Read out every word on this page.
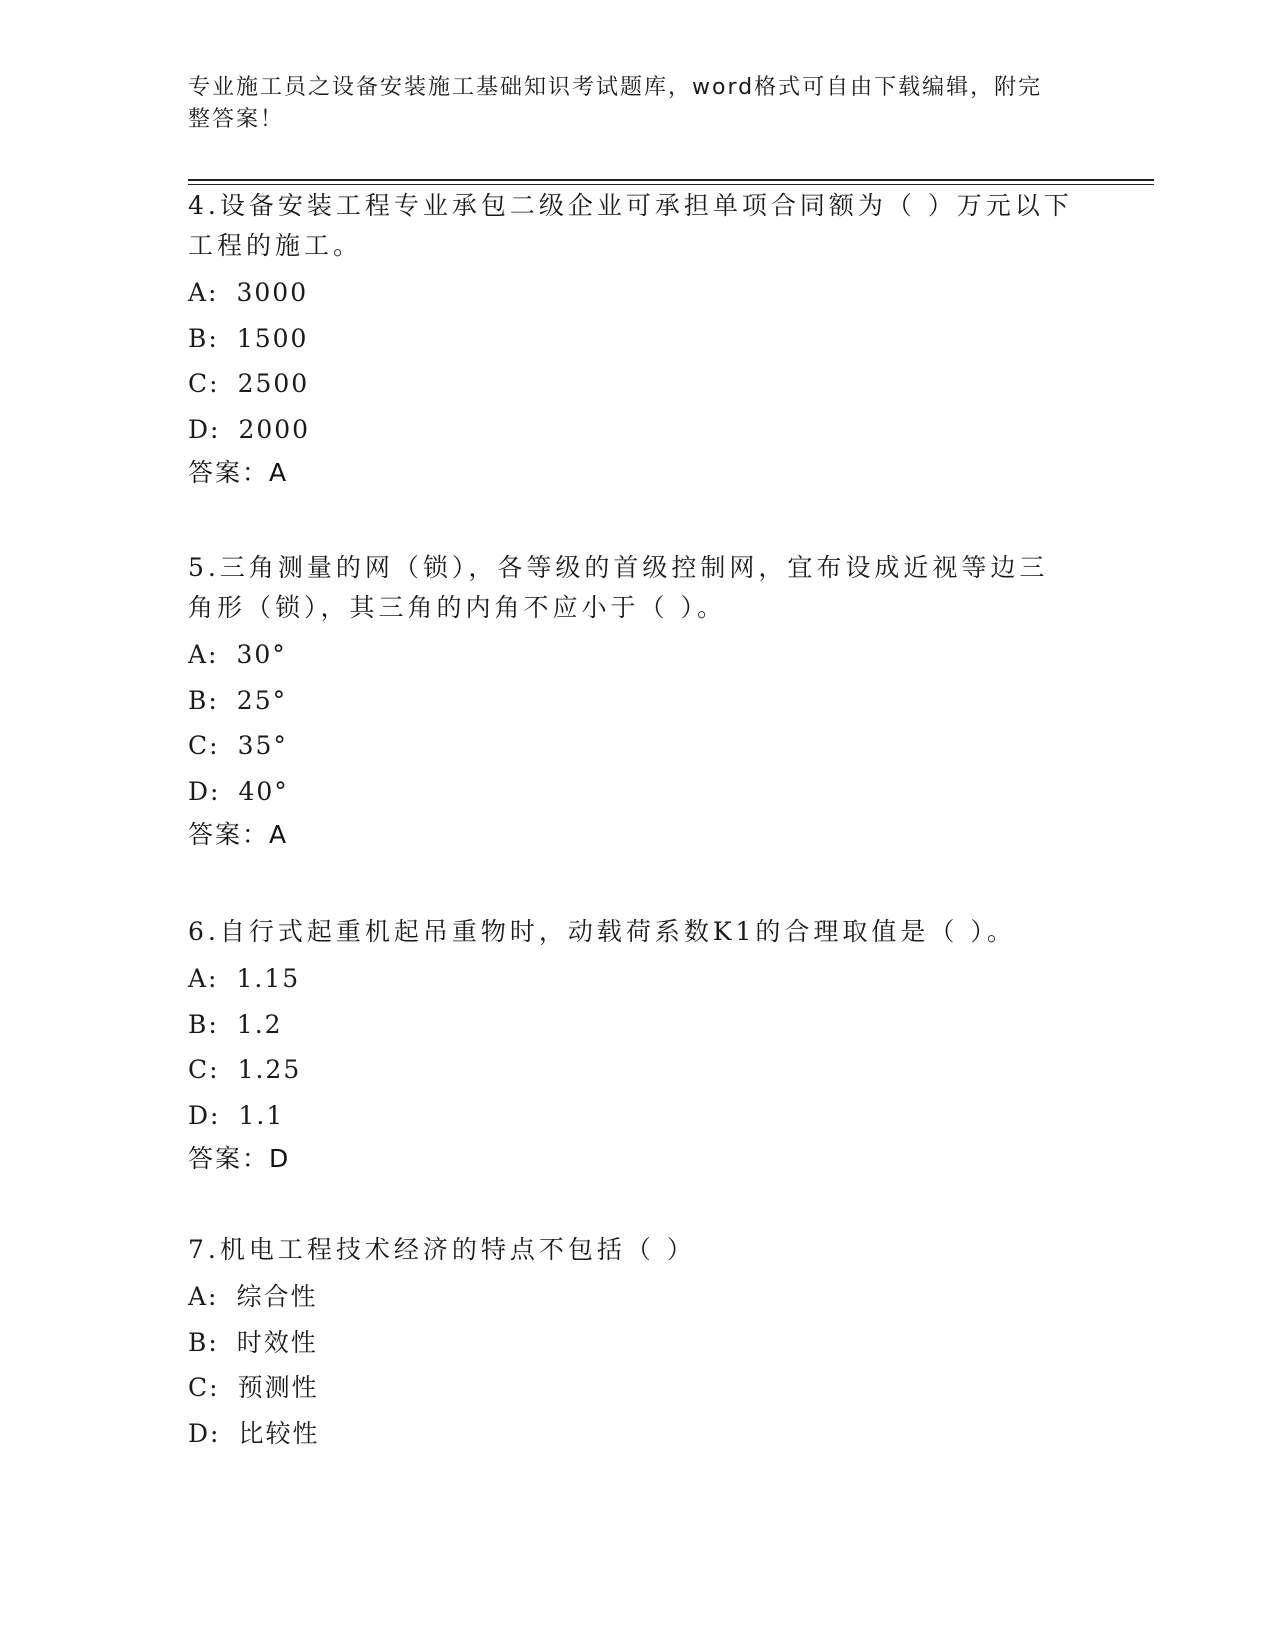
专业施工员之设备安装施工基础知识考试题库，word格式可自由下载编辑，附完
整答案！

4.设备安装工程专业承包二级企业可承担单项合同额为（ ）万元以下
工程的施工。

A: 3000
B: 1500
C: 2500
D: 2000

答案：A

5.三角测量的网（锁），各等级的首级控制网，宜布设成近视等边三
角形（锁），其三角的内角不应小于（ ）。

A: 30°
B: 25°
C: 35°
D: 40°

答案：A

6.自行式起重机起吊重物时，动载荷系数K1的合理取值是（ ）。

A: 1.15
B: 1.2
C: 1.25
D: 1.1

答案：D

7.机电工程技术经济的特点不包括（ ）

A: 综合性
B: 时效性
C: 预测性
D: 比较性
